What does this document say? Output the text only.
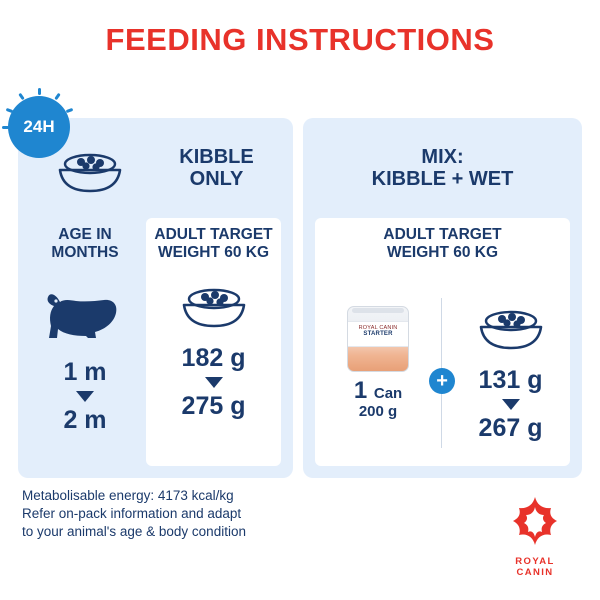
FEEDING INSTRUCTIONS
24H
KIBBLE
ONLY
AGE IN
MONTHS
1 m
2 m
ADULT TARGET
WEIGHT 60 KG
182 g
275 g
MIX:
KIBBLE + WET
ADULT TARGET
WEIGHT 60 KG
ROYAL CANIN
STARTER
1 Can
200 g
+	131 g
267 g
Metabolisable energy: 4173 kcal/kg
Refer on-pack information and adapt
to your animal's age & body condition
ROYAL CANIN
